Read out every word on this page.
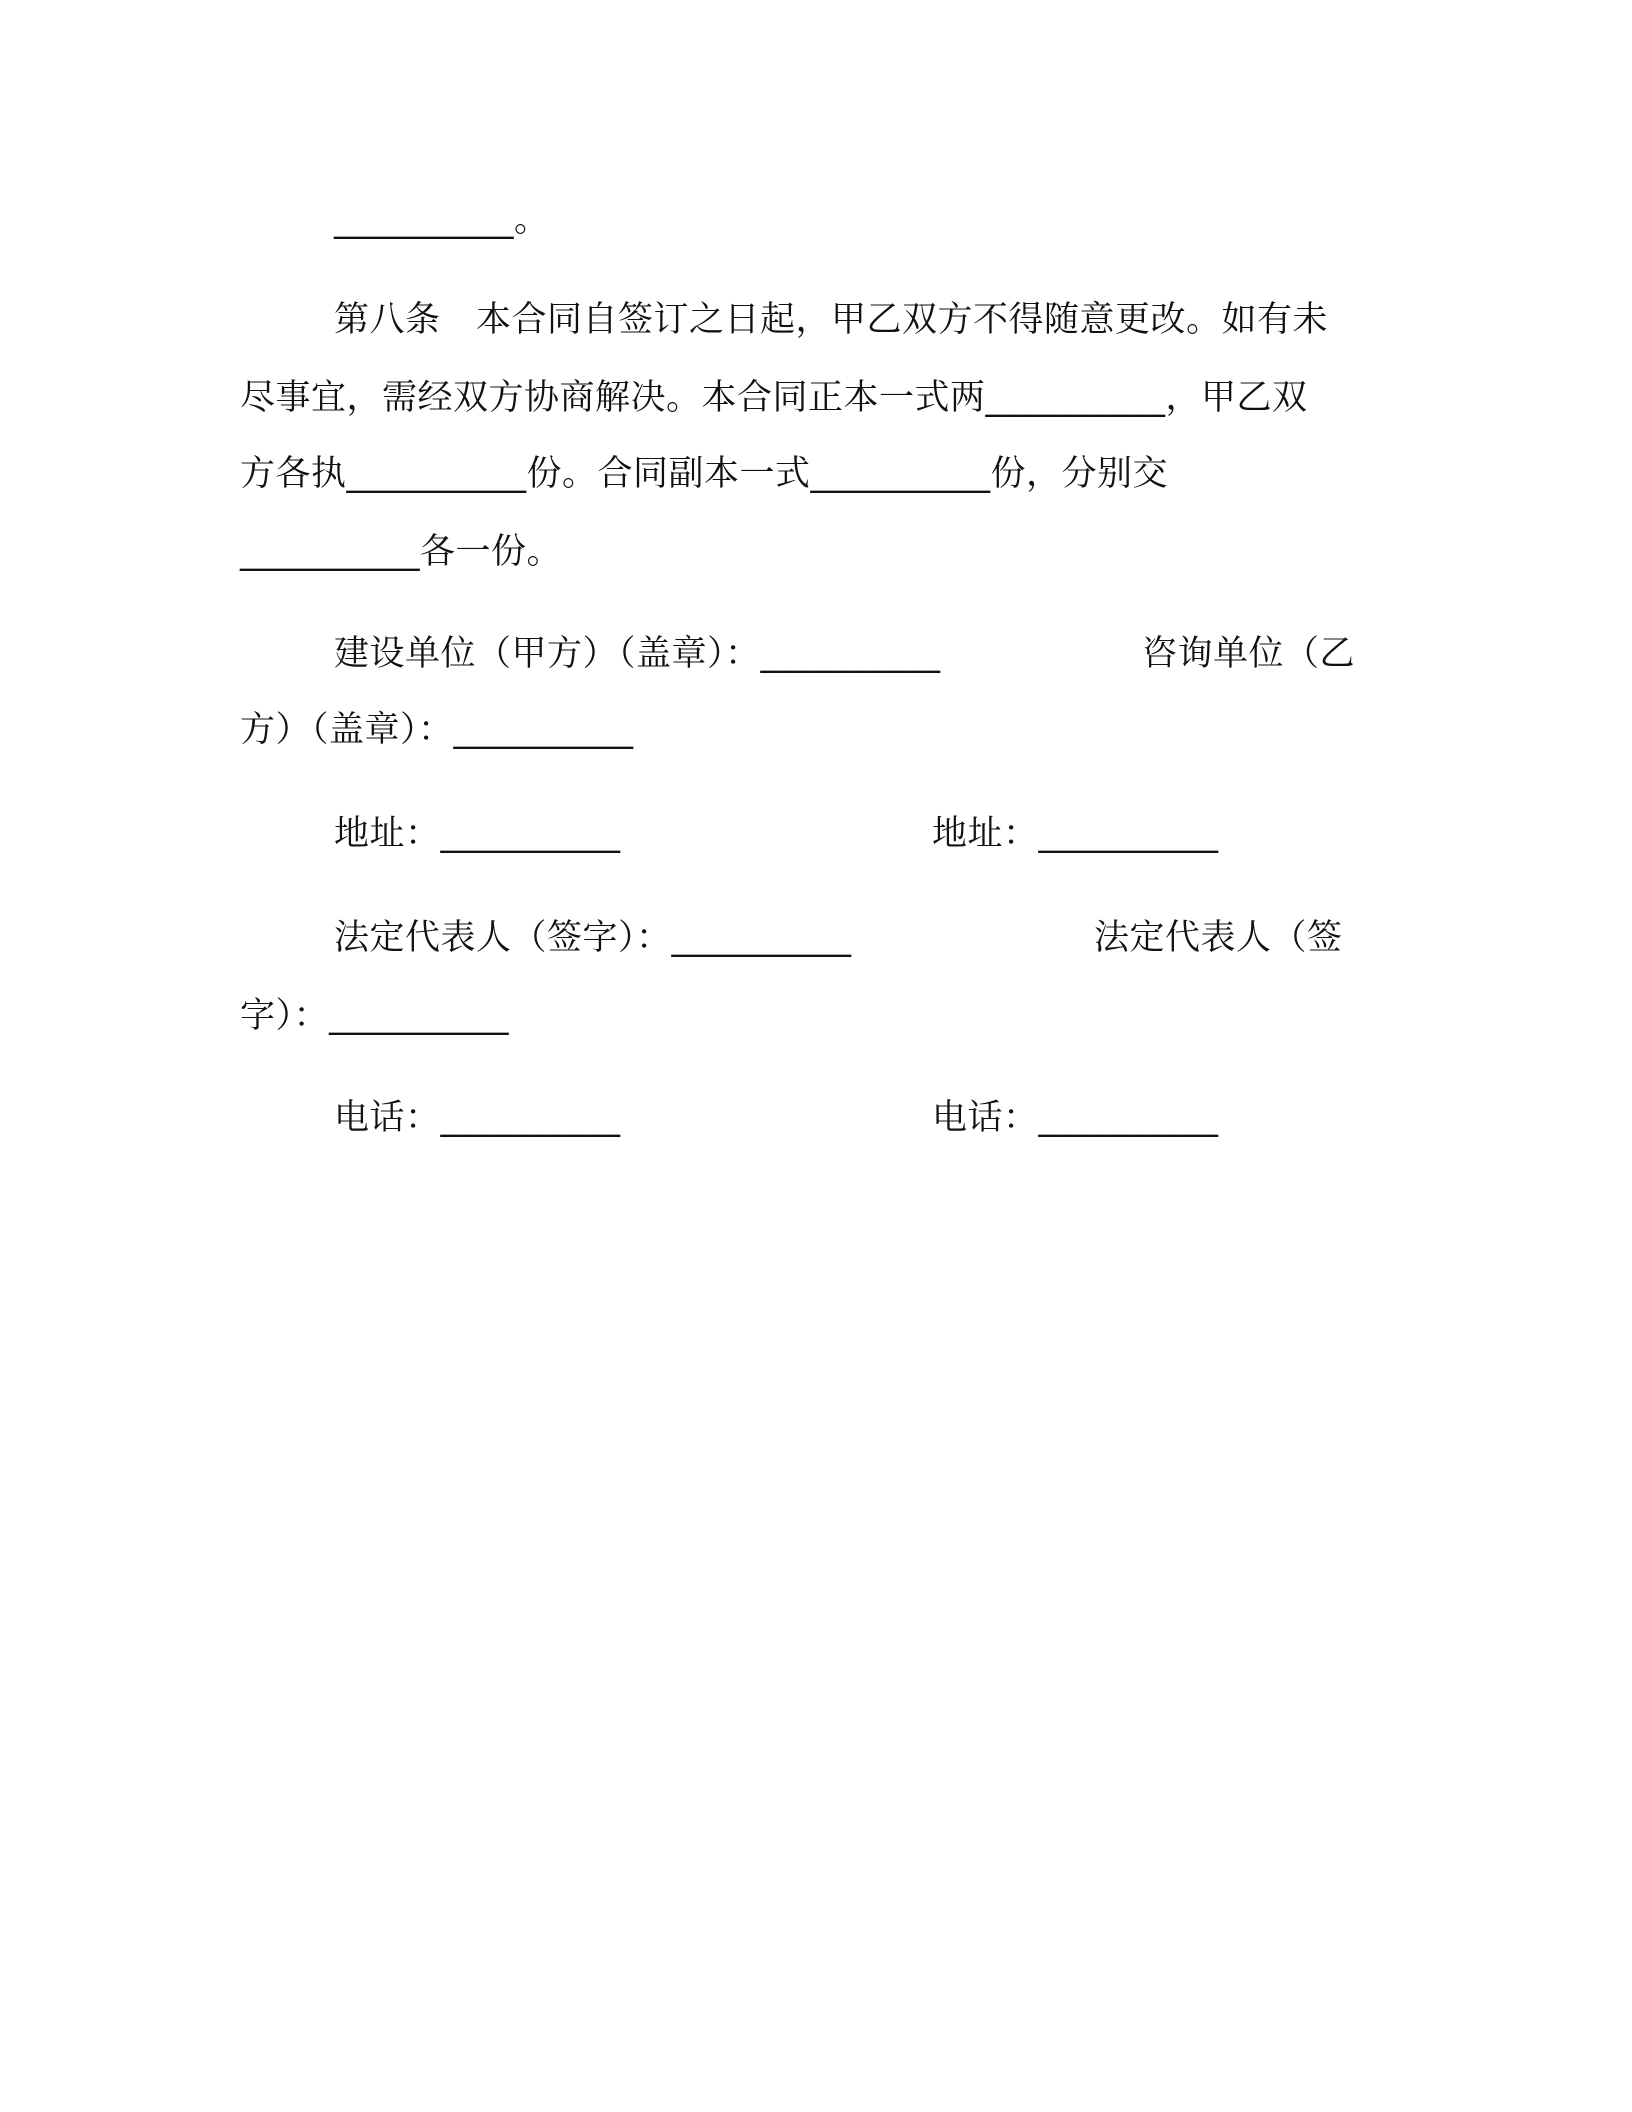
__________。
第八条　本合同自签订之日起，甲乙双方不得随意更改。如有未
尽事宜，需经双方协商解决。本合同正本一式两__________，甲乙双
方各执__________份。合同副本一式__________份，分别交
__________各一份。
建设单位（甲方）（盖章）：__________	咨询单位（乙
方）（盖章）：__________
地址：__________	地址：__________
法定代表人（签字）：__________	法定代表人（签
字）：__________
电话：__________	电话：__________
